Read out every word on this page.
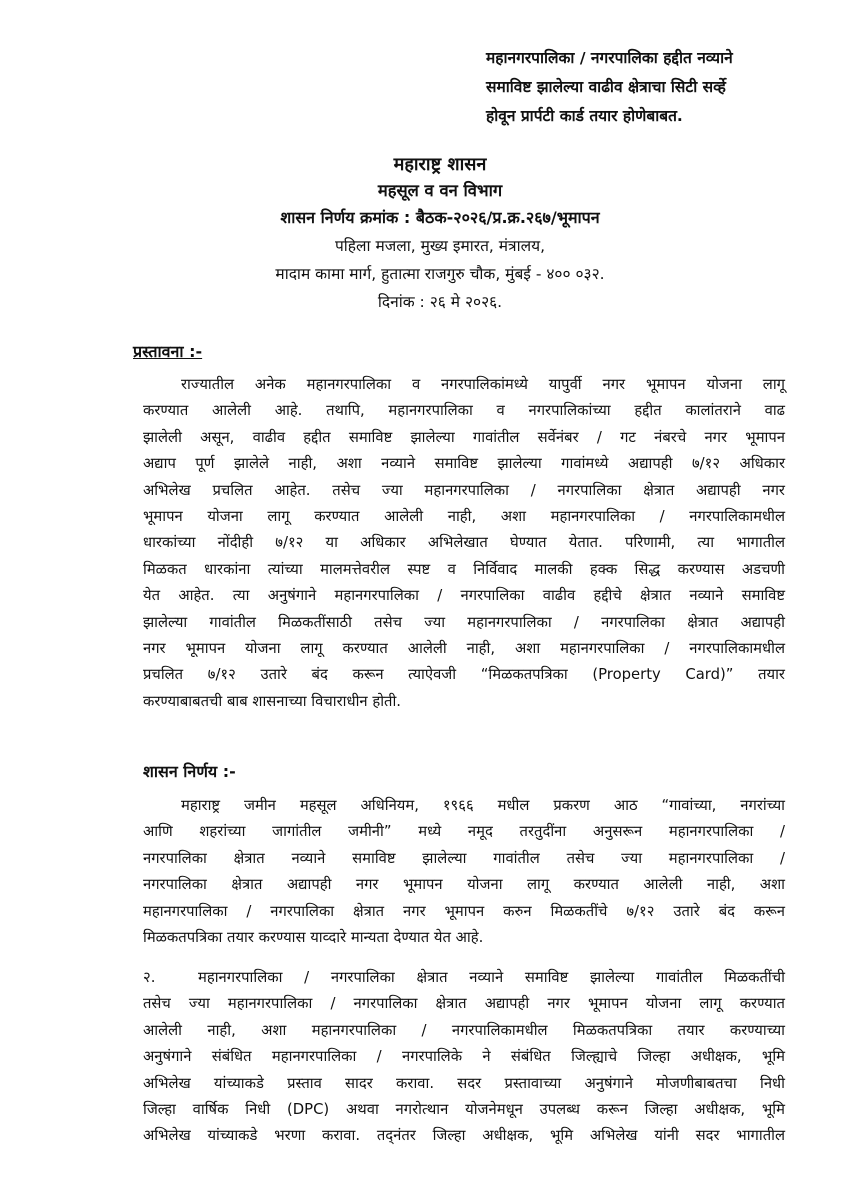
महानगरपालिका / नगरपालिका हद्दीत नव्याने
समाविष्ट झालेल्या वाढीव क्षेत्राचा सिटी सर्व्हे
होवून प्रार्पटी कार्ड तयार होणेबाबत.
महाराष्ट्र शासन
महसूल व वन विभाग
शासन निर्णय क्रमांक : बैठक-२०२६/प्र.क्र.२६७/भूमापन
पहिला मजला, मुख्य इमारत, मंत्रालय,
मादाम कामा मार्ग, हुतात्मा राजगुरु चौक, मुंबई - ४०० ०३२.
दिनांक : २६ मे २०२६.
प्रस्तावना :-
राज्यातील अनेक महानगरपालिका व नगरपालिकांमध्ये यापुर्वी नगर भूमापन योजना लागू
करण्यात आलेली आहे. तथापि, महानगरपालिका व नगरपालिकांच्या हद्दीत कालांतराने वाढ
झालेली असून, वाढीव हद्दीत समाविष्ट झालेल्या गावांतील सर्वेनंबर / गट नंबरचे नगर भूमापन
अद्याप पूर्ण झालेले नाही, अशा नव्याने समाविष्ट झालेल्या गावांमध्ये अद्यापही ७/१२ अधिकार
अभिलेख प्रचलित आहेत. तसेच ज्या महानगरपालिका / नगरपालिका क्षेत्रात अद्यापही नगर
भूमापन योजना लागू करण्यात आलेली नाही, अशा महानगरपालिका / नगरपालिकामधील
धारकांच्या नोंदीही ७/१२ या अधिकार अभिलेखात घेण्यात येतात. परिणामी, त्या भागातील
मिळकत धारकांना त्यांच्या मालमत्तेवरील स्पष्ट व निर्विवाद मालकी हक्क सिद्ध करण्यास अडचणी
येत आहेत. त्या अनुषंगाने महानगरपालिका / नगरपालिका वाढीव हद्दीचे क्षेत्रात नव्याने समाविष्ट
झालेल्या गावांतील मिळकतींसाठी तसेच ज्या महानगरपालिका / नगरपालिका क्षेत्रात अद्यापही
नगर भूमापन योजना लागू करण्यात आलेली नाही, अशा महानगरपालिका / नगरपालिकामधील
प्रचलित ७/१२ उतारे बंद करून त्याऐवजी “मिळकतपत्रिका (Property Card)” तयार
करण्याबाबतची बाब शासनाच्या विचाराधीन होती.
शासन निर्णय :-
महाराष्ट्र जमीन महसूल अधिनियम, १९६६ मधील प्रकरण आठ “गावांच्या, नगरांच्या
आणि शहरांच्या जागांतील जमीनी” मध्ये नमूद तरतुदींना अनुसरून महानगरपालिका /
नगरपालिका क्षेत्रात नव्याने समाविष्ट झालेल्या गावांतील तसेच ज्या महानगरपालिका /
नगरपालिका क्षेत्रात अद्यापही नगर भूमापन योजना लागू करण्यात आलेली नाही, अशा
महानगरपालिका / नगरपालिका क्षेत्रात नगर भूमापन करुन मिळकतींचे ७/१२ उतारे बंद करून
मिळकतपत्रिका तयार करण्यास याव्दारे मान्यता देण्यात येत आहे.
२.	महानगरपालिका / नगरपालिका क्षेत्रात नव्याने समाविष्ट झालेल्या गावांतील मिळकतींची
तसेच ज्या महानगरपालिका / नगरपालिका क्षेत्रात अद्यापही नगर भूमापन योजना लागू करण्यात
आलेली नाही, अशा महानगरपालिका / नगरपालिकामधील मिळकतपत्रिका तयार करण्याच्या
अनुषंगाने संबंधित महानगरपालिका / नगरपालिके ने संबंधित जिल्ह्याचे जिल्हा अधीक्षक, भूमि
अभिलेख यांच्याकडे प्रस्ताव सादर करावा. सदर प्रस्तावाच्या अनुषंगाने मोजणीबाबतचा निधी
जिल्हा वार्षिक निधी (DPC) अथवा नगरोत्थान योजनेमधून उपलब्ध करून जिल्हा अधीक्षक, भूमि
अभिलेख यांच्याकडे भरणा करावा. तद्नंतर जिल्हा अधीक्षक, भूमि अभिलेख यांनी सदर भागातील
